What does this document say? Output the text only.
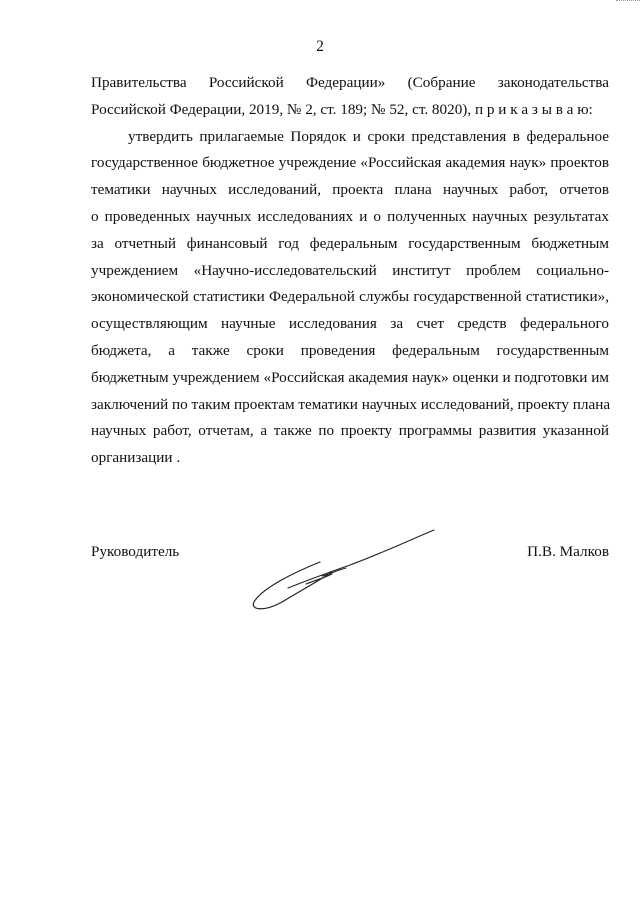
2
Правительства Российской Федерации» (Собрание законодательства
Российской Федерации, 2019, № 2, ст. 189; № 52, ст. 8020), п р и к а з ы в а ю:
утвердить прилагаемые Порядок и сроки представления в федеральное
государственное бюджетное учреждение «Российская академия наук» проектов
тематики научных исследований, проекта плана научных работ, отчетов
о проведенных научных исследованиях и о полученных научных результатах
за отчетный финансовый год федеральным государственным бюджетным
учреждением «Научно-исследовательский институт проблем социально-
экономической статистики Федеральной службы государственной статистики»,
осуществляющим научные исследования за счет средств федерального
бюджета, а также сроки проведения федеральным государственным
бюджетным учреждением «Российская академия наук» оценки и подготовки им
заключений по таким проектам тематики научных исследований, проекту плана
научных работ, отчетам, а также по проекту программы развития указанной
организации .
Руководитель	П.В. Малков
